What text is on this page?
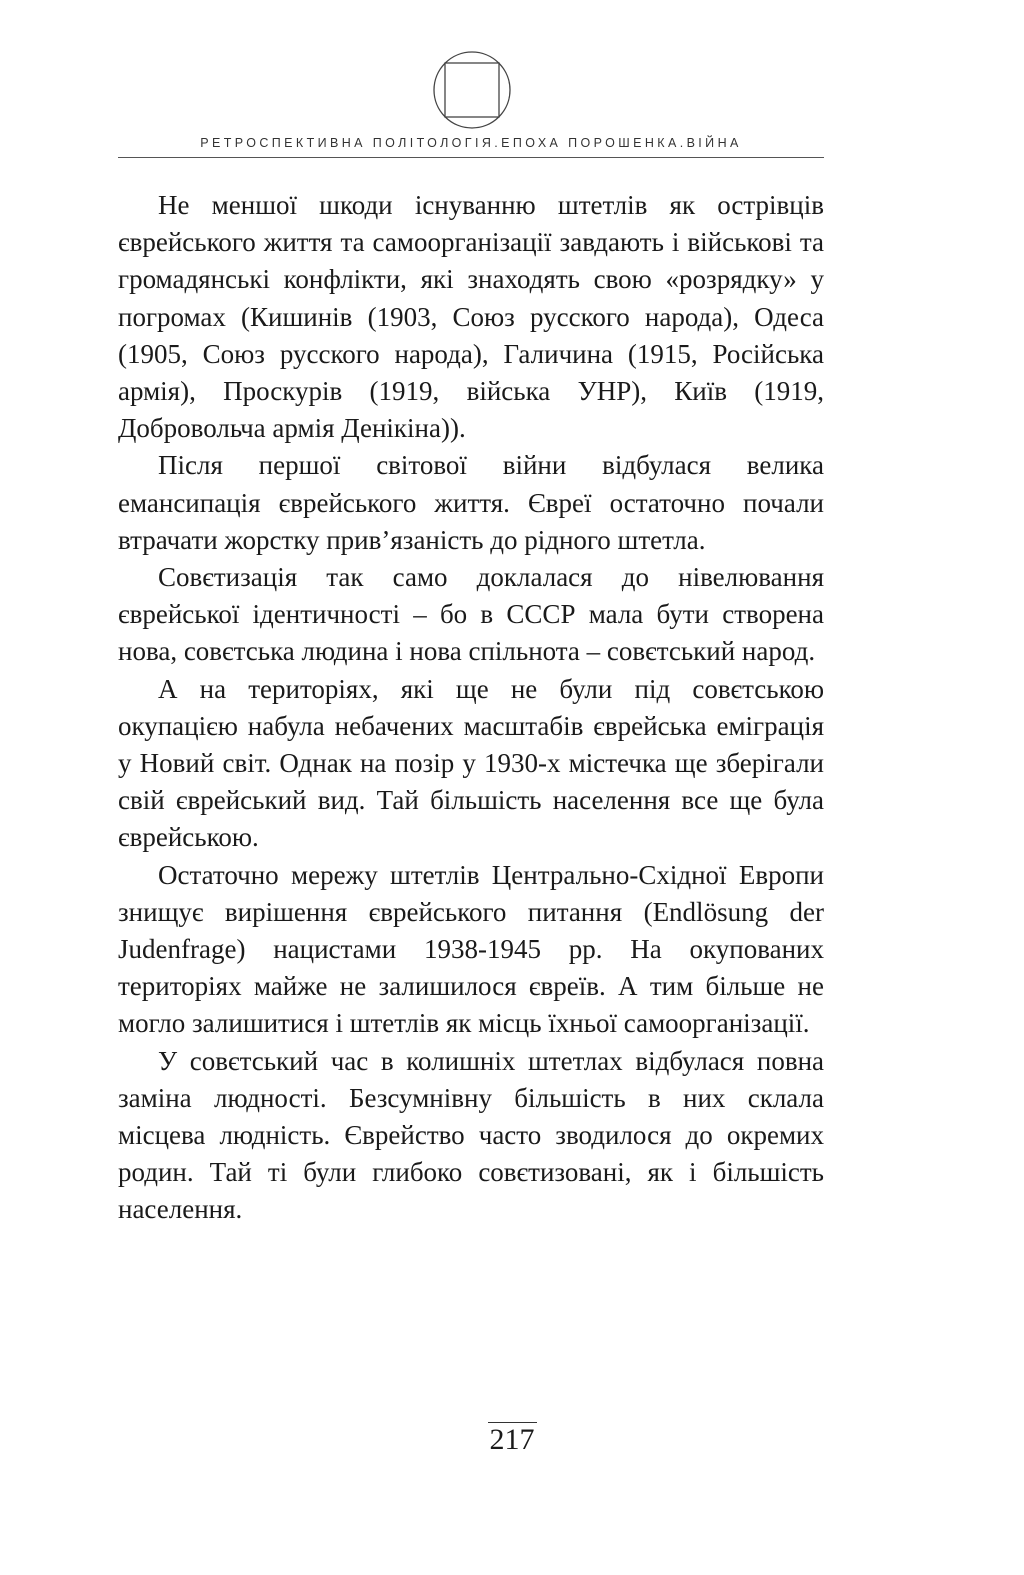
РЕТРОСПЕКТИВНА ПОЛІТОЛОГІЯ.ЕПОХА ПОРОШЕНКА.ВІЙНА

Не меншої шкоди існуванню штетлів як острівців єврейського життя та самоорганізації завдають і військові та громадянські конфлікти, які знаходять свою «розрядку» у погромах (Кишинів (1903, Союз русского народа), Одеса (1905, Союз русского народа), Галичина (1915, Російська армія), Проскурів (1919, війська УНР), Київ (1919, Добровольча армія Денікіна)).

Після першої світової війни відбулася велика емансипація єврейського життя. Євреї остаточно почали втрачати жорстку прив’язаність до рідного штетла.

Совєтизація так само доклалася до нівелювання єврейської ідентичності – бо в СССР мала бути створена нова, совєтська людина і нова спільнота – совєтський народ.

А на територіях, які ще не були під совєтською окупацією набула небачених масштабів єврейська еміграція у Новий світ. Однак на позір у 1930-х містечка ще зберігали свій єврейський вид. Тай більшість населення все ще була єврейською.

Остаточно мережу штетлів Центрально-Східної Европи знищує вирішення єврейського питання (Endlösung der Judenfrage) нацистами 1938-1945 рр. На окупованих територіях майже не залишилося євреїв. А тим більше не могло залишитися і штетлів як місць їхньої самоорганізації.

У совєтський час в колишніх штетлах відбулася повна заміна людності. Безсумнівну більшість в них склала місцева людність. Єврейство часто зводилося до окремих родин. Тай ті були глибоко совєтизовані, як і більшість населення.

217
